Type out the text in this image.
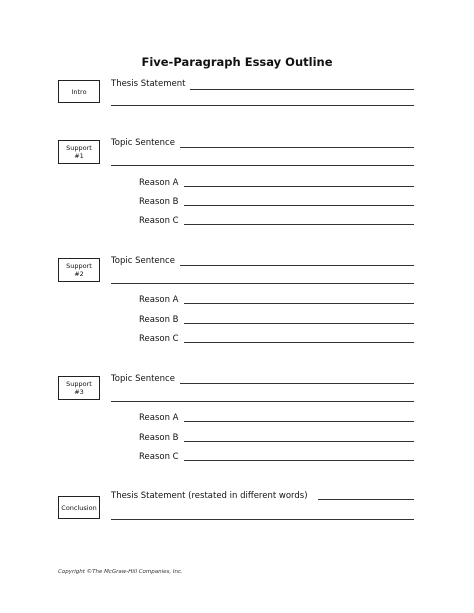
Five-Paragraph Essay Outline
Intro
Thesis Statement
Support
#1
Topic Sentence
Reason A
Reason B
Reason C
Support
#2
Topic Sentence
Reason A
Reason B
Reason C
Support
#3
Topic Sentence
Reason A
Reason B
Reason C
Conclusion
Thesis Statement (restated in different words)
Copyright ©The McGraw-Hill Companies, Inc.
